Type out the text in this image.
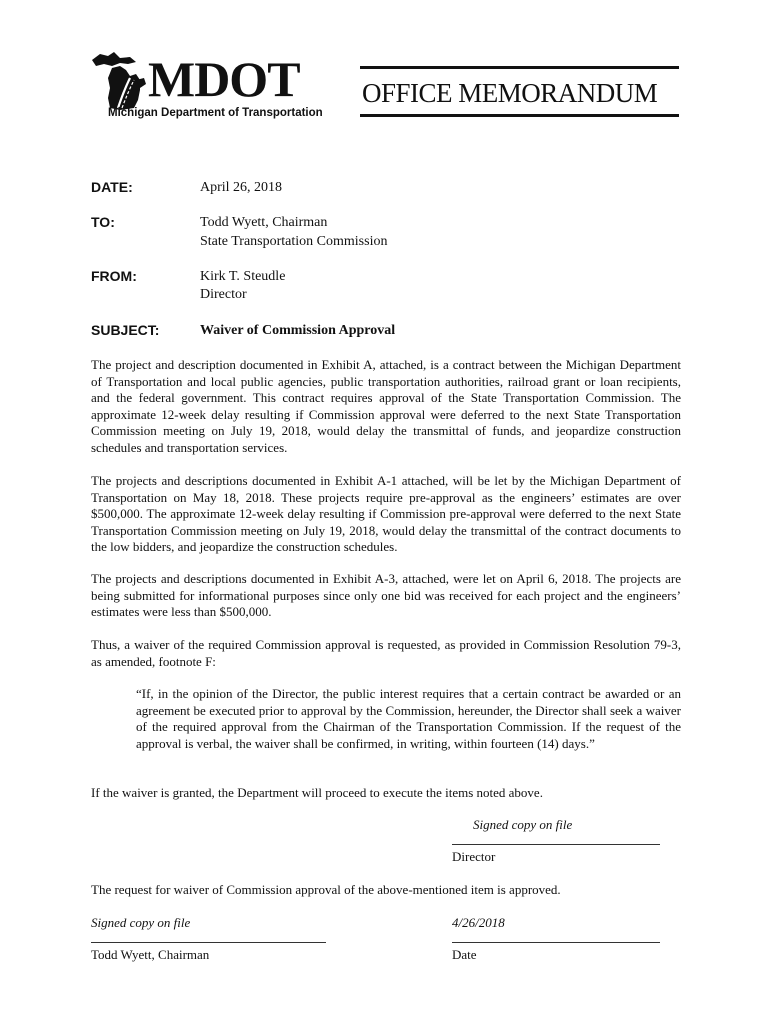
MDOT
Michigan Department of Transportation
OFFICE MEMORANDUM
DATE:	April 26, 2018
TO:	Todd Wyett, Chairman
State Transportation Commission
FROM:	Kirk T. Steudle
Director
SUBJECT:	Waiver of Commission Approval
The project and description documented in Exhibit A, attached, is a contract between the Michigan Department of Transportation and local public agencies, public transportation authorities, railroad grant or loan recipients, and the federal government. This contract requires approval of the State Transportation Commission. The approximate 12-week delay resulting if Commission approval were deferred to the next State Transportation Commission meeting on July 19, 2018, would delay the transmittal of funds, and jeopardize construction schedules and transportation services.
The projects and descriptions documented in Exhibit A-1 attached, will be let by the Michigan Department of Transportation on May 18, 2018. These projects require pre-approval as the engineers’ estimates are over $500,000. The approximate 12-week delay resulting if Commission pre-approval were deferred to the next State Transportation Commission meeting on July 19, 2018, would delay the transmittal of the contract documents to the low bidders, and jeopardize the construction schedules.
The projects and descriptions documented in Exhibit A-3, attached, were let on April 6, 2018. The projects are being submitted for informational purposes since only one bid was received for each project and the engineers’ estimates were less than $500,000.
Thus, a waiver of the required Commission approval is requested, as provided in Commission Resolution 79-3, as amended, footnote F:
“If, in the opinion of the Director, the public interest requires that a certain contract be awarded or an agreement be executed prior to approval by the Commission, hereunder, the Director shall seek a waiver of the required approval from the Chairman of the Transportation Commission. If the request of the approval is verbal, the waiver shall be confirmed, in writing, within fourteen (14) days.”
If the waiver is granted, the Department will proceed to execute the items noted above.
Signed copy on file
Director
The request for waiver of Commission approval of the above-mentioned item is approved.
Signed copy on file
Todd Wyett, Chairman
4/26/2018
Date
